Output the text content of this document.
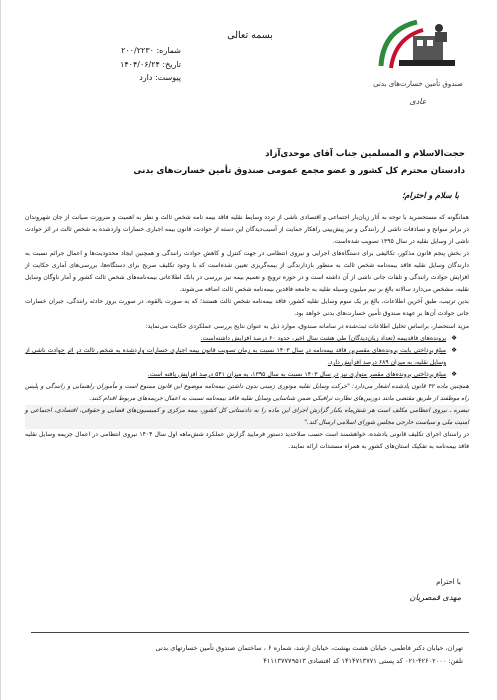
بسمه تعالی
شماره: ۲۰۰/۲۲۳۰
تاریخ: ۱۴۰۴/۰۶/۲۴
پیوست: دارد
صندوق تأمین خسارت‌های بدنی
عادی
حجت‌الاسلام و المسلمین جناب آقای موحدی‌آزاد
دادستان محترم کل کشور و عضو مجمع عمومی صندوق تأمین خسارت‌های بدنی
با سلام و احترام؛

همانگونه که مستحضرید با توجه به آثار زیان‌بار اجتماعی و اقتصادی ناشی از تردد وسایط نقلیه فاقد بیمه نامه شخص ثالث و نظر به اهمیت و ضرورت صیانت از جان شهروندان در برابر سوانح و تصادفات ناشی از رانندگی و نیز پیش‌بینی راهکار حمایت از آسیب‌دیدگان این دسته از حوادث، قانون بیمه اجباری خسارات واردشده به شخص ثالث در اثر حوادث ناشی از وسایل نقلیه در سال ۱۳۹۵ تصویب شده‌است.

در بخش پنجم قانون مذکور، تکالیفی برای دستگاه‌های اجرایی و نیروی انتظامی در جهت کنترل و کاهش حوادث رانندگی و همچنین ایجاد محدودیت‌ها و اعمال جرائم نسبت به دارندگان وسایل نقلیه فاقد بیمه‌نامه شخص ثالث به منظور بازدارندگی از بیمه‌گریزی تعیین شده‌است که با وجود تکلیف صریح برای دستگاه‌ها، بررسی‌های آماری حکایت از افزایش حوادث رانندگی و تلفات جانی ناشی از آن داشته است و در حوزه ترویج و تعمیم بیمه نیز بررسی در بانک اطلاعاتی بیمه‌نامه‌های شخص ثالث کشور و آمار ناوگان وسایل نقلیه، مشخص می‌دارد سالانه بالغ بر نیم میلیون وسیله نقلیه به جامعه فاقدین بیمه‌نامه شخص ثالث اضافه می‌شوند.

بدین ترتیب، طبق آخرین اطلاعات، بالغ بر یک سوم وسایل نقلیه کشور، فاقد بیمه‌نامه شخص ثالث هستند؛ که به صورت بالقوه، در صورت بروز حادثه رانندگی، جبران خسارات جانی حوادث آن‌ها بر عهده صندوق تأمین خسارت‌های بدنی خواهد بود.

مزید استحضار، براساس تحلیل اطلاعات ثبت‌شده در سامانه صندوق، موارد ذیل به عنوان نتایج بررسی عملکردی حکایت می‌نماید:

❖
پرونده‌های فاقدبیمه (تعداد زیان‌دیدگان) طی هشت سال اخیر، حدود ۶۰ درصد افزایش داشته‌است.
❖
مبلغ پرداختی بابت پرونده‌های مقصرین فاقد بیمه‌نامه در سال ۱۴۰۳ نسبت به زمان تصویب قانون بیمه اجباری خسارات واردشده به شخص ثالث در اثر حوادث ناشی از وسایل نقلیه، به میزان ۶۸۹ درصد افزایش دارد.
❖
مبلغ پرداختی پرونده‌های مقصر متواری نیز در سال ۱۴۰۳ نسبت به سال ۱۳۹۵، به میزان ۵۴۱ درصد افزایش یافته است.

همچنین ماده ۴۲ قانون یادشده اشعار می‌دارد: "حرکت وسایل نقلیه موتوری زمینی بدون داشتن بیمه‌نامه موضوع این قانون ممنوع است و مأموران راهنمایی و رانندگی و پلیس راه موظفند از طریق مقتضی مانند دوربین‌های نظارت ترافیکی ضمن شناسایی وسایل نقلیه فاقد بیمه‌نامه نسبت به اعمال جریمه‌های مربوط اقدام کنند.

تبصره ـ نیروی انتظامی مکلف است هر شش‌ماه یکبار گزارش اجرای این ماده را به دادستانی کل کشور، بیمه مرکزی و کمیسیون‌های قضایی و حقوقی، اقتصادی، اجتماعی و امنیت ملی و سیاست خارجی مجلس شورای اسلامی ارسال کند."

در راستای اجرای تکلیف قانونی یادشده، خواهشمند است حسب صلاحدید دستور فرمایید گزارش عملکرد شش‌ماهه اول سال ۱۴۰۴ نیروی انتظامی در اعمال جریمه وسایل نقلیه فاقد بیمه‌نامه به تفکیک استان‌های کشور به همراه مستندات ارائه نمایند.

با احترام
مهدی قمصریان
تهران، خیابان دکتر فاطمی، خیابان هشت بهشت، خیابان ارشد، شماره ۶ ، ساختمان صندوق تأمین خسارتهای بدنی
تلفن: ۴۲۶۰۲۰۰۰-۰۲۱ کد پستی ۱۴۱۴۷۱۳۷۷۱ کد اقتصادی ۴۱۱۱۳۷۷۷۹۵۱۳
